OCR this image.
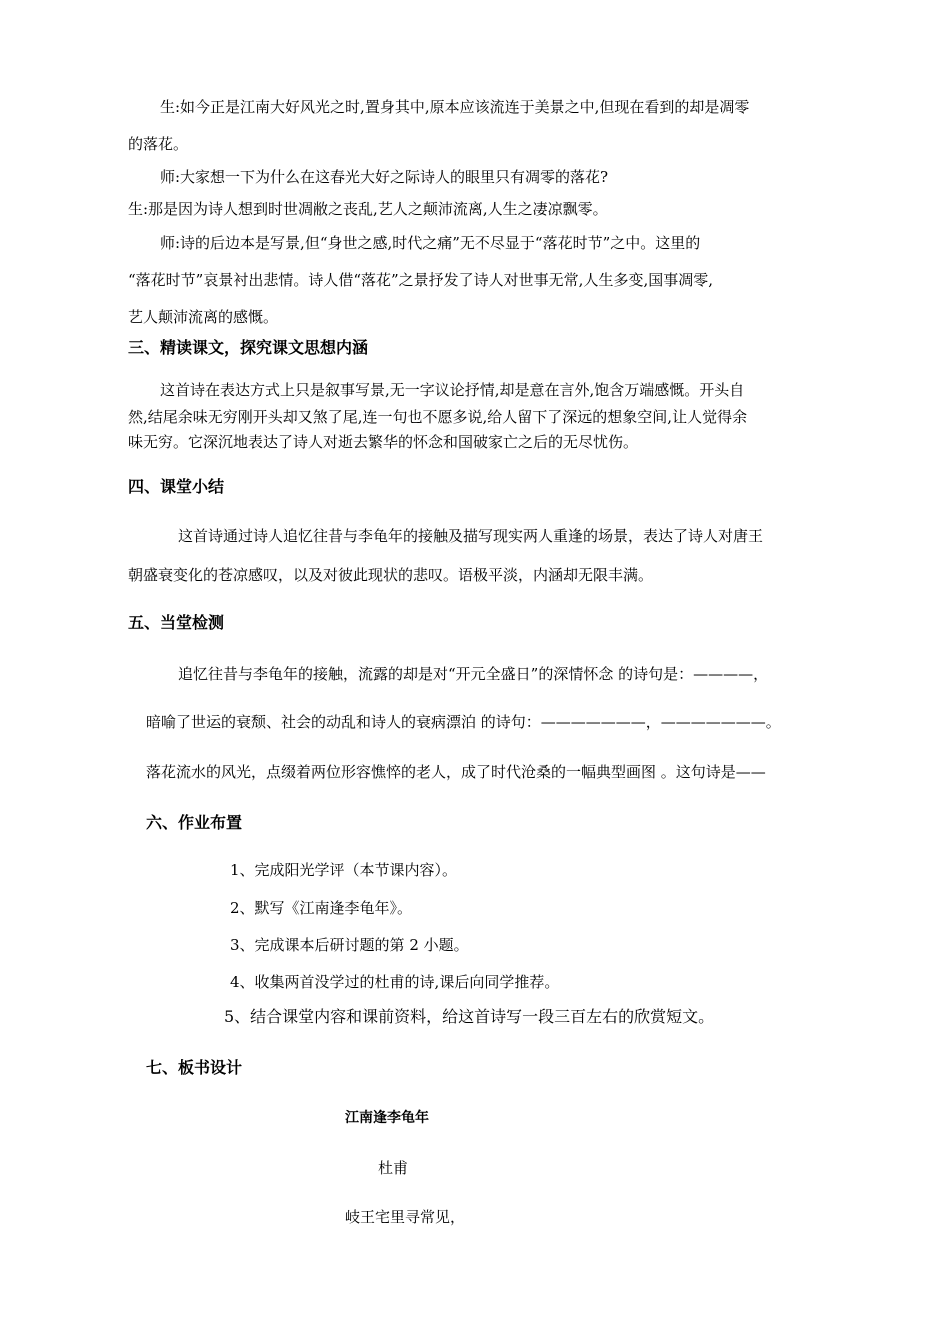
生:如今正是江南大好风光之时,置身其中,原本应该流连于美景之中,但现在看到的却是凋零
的落花。
师:大家想一下为什么在这春光大好之际诗人的眼里只有凋零的落花?
生:那是因为诗人想到时世凋敝之丧乱,艺人之颠沛流离,人生之凄凉飘零。
师:诗的后边本是写景,但“身世之感,时代之痛”无不尽显于“落花时节”之中。这里的
“落花时节”哀景衬出悲情。诗人借“落花”之景抒发了诗人对世事无常,人生多变,国事凋零,
艺人颠沛流离的感慨。
三、精读课文，探究课文思想内涵
这首诗在表达方式上只是叙事写景,无一字议论抒情,却是意在言外,饱含万端感慨。开头自
然,结尾余味无穷刚开头却又煞了尾,连一句也不愿多说,给人留下了深远的想象空间,让人觉得余
味无穷。它深沉地表达了诗人对逝去繁华的怀念和国破家亡之后的无尽忧伤。
四、课堂小结
这首诗通过诗人追忆往昔与李龟年的接触及描写现实两人重逢的场景，表达了诗人对唐王
朝盛衰变化的苍凉感叹，以及对彼此现状的悲叹。语极平淡，内涵却无限丰满。
五、当堂检测
追忆往昔与李龟年的接触，流露的却是对“开元全盛日”的深情怀念 的诗句是：————，
暗喻了世运的衰颓、社会的动乱和诗人的衰病漂泊 的诗句：———————，———————。
落花流水的风光，点缀着两位形容憔悴的老人，成了时代沧桑的一幅典型画图 。这句诗是——
六、作业布置
1、完成阳光学评（本节课内容）。
2、默写《江南逢李龟年》。
3、完成课本后研讨题的第 2 小题。
4、收集两首没学过的杜甫的诗,课后向同学推荐。
5、结合课堂内容和课前资料，给这首诗写一段三百左右的欣赏短文。
七、板书设计
江南逢李龟年
杜甫
岐王宅里寻常见，
